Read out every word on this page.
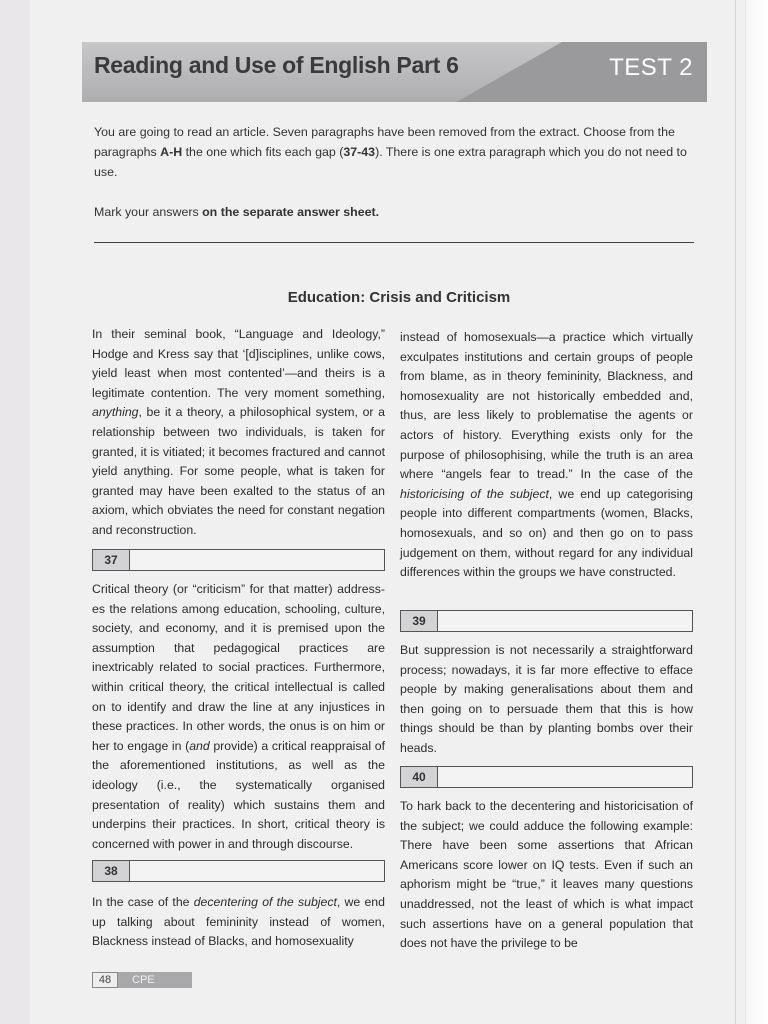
Reading and Use of English Part 6	TEST 2
You are going to read an article. Seven paragraphs have been removed from the extract. Choose from the paragraphs A-H the one which fits each gap (37-43). There is one extra paragraph which you do not need to use.
Mark your answers on the separate answer sheet.
Education: Crisis and Criticism
In their seminal book, “Language and Ideology,” Hodge and Kress say that ‘[d]isciplines, unlike cows, yield least when most contented’—and theirs is a legitimate contention. The very moment something, anything, be it a theory, a philosophical system, or a relationship between two individuals, is taken for granted, it is vitiated; it becomes fractured and cannot yield anything. For some people, what is taken for granted may have been exalted to the status of an axiom, which obviates the need for constant negation and reconstruction.
37
Critical theory (or “criticism” for that matter) address-es the relations among education, schooling, culture, society, and economy, and it is premised upon the assumption that pedagogical practices are inextricably related to social practices. Furthermore, within critical theory, the critical intellectual is called on to identify and draw the line at any injustices in these practices. In other words, the onus is on him or her to engage in (and provide) a critical reappraisal of the aforementioned institutions, as well as the ideology (i.e., the systematically organised presentation of reality) which sustains them and underpins their practices. In short, critical theory is concerned with power in and through discourse.
38
In the case of the decentering of the subject, we end up talking about femininity instead of women, Blackness instead of Blacks, and homosexuality
instead of homosexuals—a practice which virtually exculpates institutions and certain groups of people from blame, as in theory femininity, Blackness, and homosexuality are not historically embedded and, thus, are less likely to problematise the agents or actors of history. Everything exists only for the purpose of philosophising, while the truth is an area where “angels fear to tread.” In the case of the historicising of the subject, we end up categorising people into different compartments (women, Blacks, homosexuals, and so on) and then go on to pass judgement on them, without regard for any individual differences within the groups we have constructed.
39
But suppression is not necessarily a straightforward process; nowadays, it is far more effective to efface people by making generalisations about them and then going on to persuade them that this is how things should be than by planting bombs over their heads.
40
To hark back to the decentering and historicisation of the subject; we could adduce the following example: There have been some assertions that African Americans score lower on IQ tests. Even if such an aphorism might be “true,” it leaves many questions unaddressed, not the least of which is what impact such assertions have on a general population that does not have the privilege to be
48	CPE
